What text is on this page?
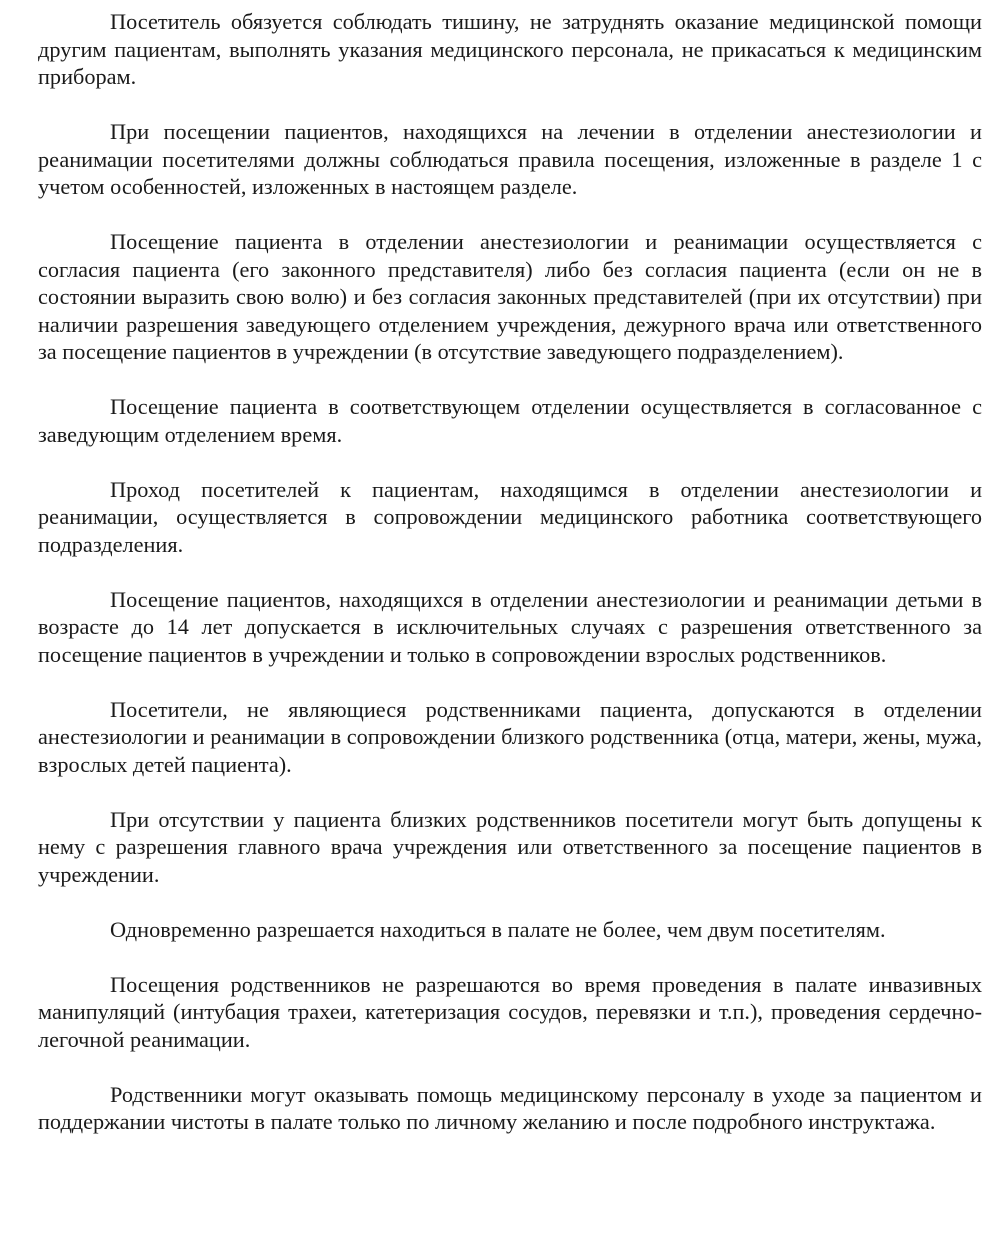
Посетитель обязуется соблюдать тишину, не затруднять оказание медицинской помощи другим пациентам, выполнять указания медицинского персонала, не прикасаться к медицинским приборам.

При посещении пациентов, находящихся на лечении в отделении анестезиологии и реанимации посетителями должны соблюдаться правила посещения, изложенные в разделе 1 с учетом особенностей, изложенных в настоящем разделе.

Посещение пациента в отделении анестезиологии и реанимации осуществляется с согласия пациента (его законного представителя) либо без согласия пациента (если он не в состоянии выразить свою волю) и без согласия законных представителей (при их отсутствии) при наличии разрешения заведующего отделением учреждения, дежурного врача или ответственного за посещение пациентов в учреждении (в отсутствие заведующего подразделением).

Посещение пациента в соответствующем отделении осуществляется в согласованное с заведующим отделением время.

Проход посетителей к пациентам, находящимся в отделении анестезиологии и реанимации, осуществляется в сопровождении медицинского работника соответствующего подразделения.

Посещение пациентов, находящихся в отделении анестезиологии и реанимации детьми в возрасте до 14 лет допускается в исключительных случаях с разрешения ответственного за посещение пациентов в учреждении и только в сопровождении взрослых родственников.

Посетители, не являющиеся родственниками пациента, допускаются в отделении анестезиологии и реанимации в сопровождении близкого родственника (отца, матери, жены, мужа, взрослых детей пациента).

При отсутствии у пациента близких родственников посетители могут быть допущены к нему с разрешения главного врача учреждения или ответственного за посещение пациентов в учреждении.

Одновременно разрешается находиться в палате не более, чем двум посетителям.

Посещения родственников не разрешаются во время проведения в палате инвазивных манипуляций (интубация трахеи, катетеризация сосудов, перевязки и т.п.), проведения сердечно-легочной реанимации.

Родственники могут оказывать помощь медицинскому персоналу в уходе за пациентом и поддержании чистоты в палате только по личному желанию и после подробного инструктажа.
